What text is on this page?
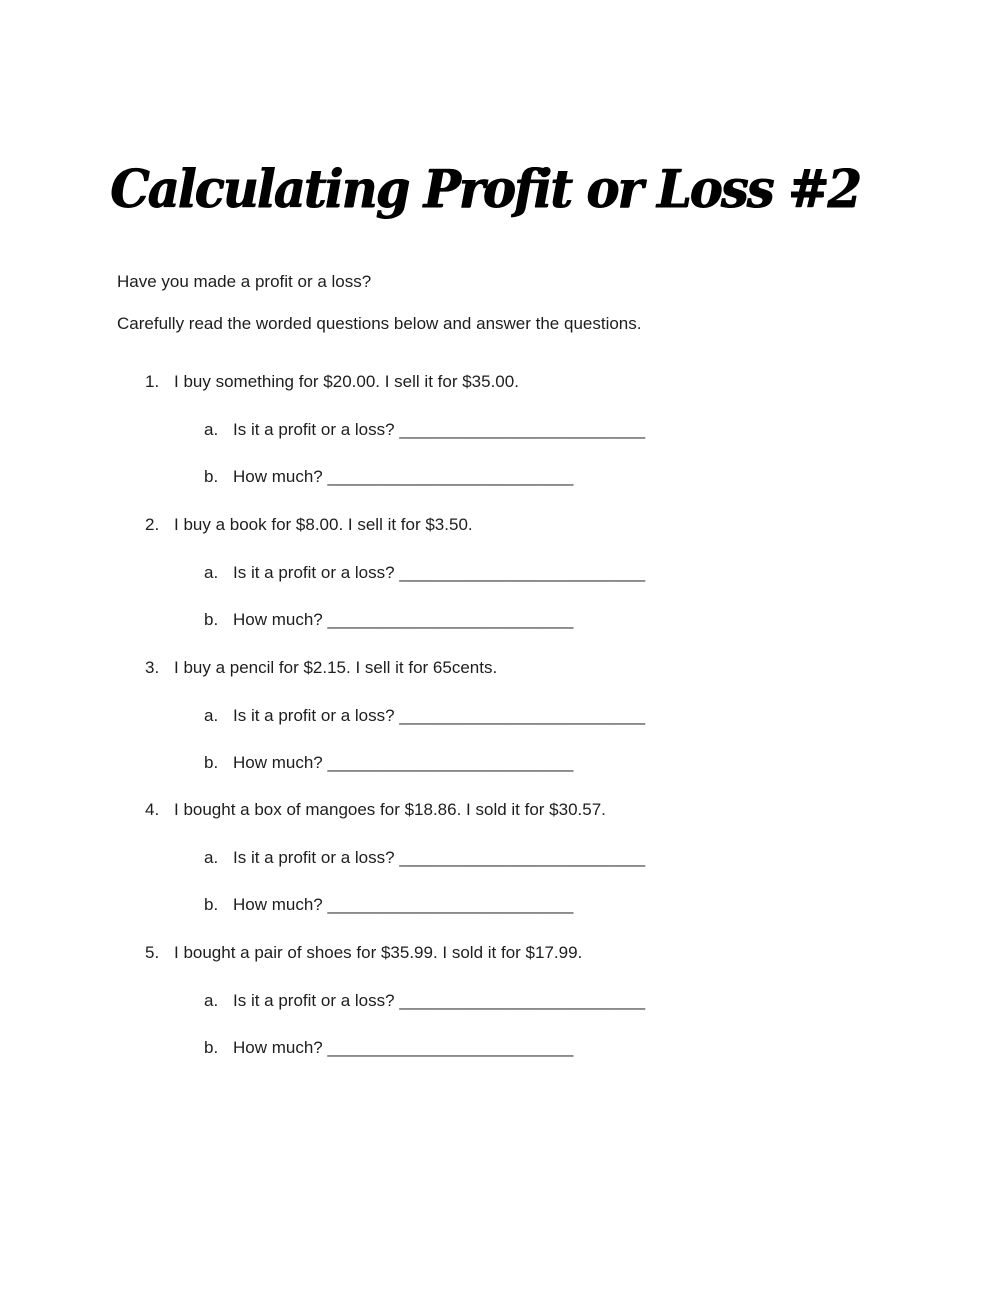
Calculating Profit or Loss #2

Have you made a profit or a loss?

Carefully read the worded questions below and answer the questions.

1. I buy something for $20.00. I sell it for $35.00.
a. Is it a profit or a loss? __________________________
b. How much? __________________________
2. I buy a book for $8.00. I sell it for $3.50.
a. Is it a profit or a loss? __________________________
b. How much? __________________________
3. I buy a pencil for $2.15. I sell it for 65cents.
a. Is it a profit or a loss? __________________________
b. How much? __________________________
4. I bought a box of mangoes for $18.86. I sold it for $30.57.
a. Is it a profit or a loss? __________________________
b. How much? __________________________
5. I bought a pair of shoes for $35.99. I sold it for $17.99.
a. Is it a profit or a loss? __________________________
b. How much? __________________________
